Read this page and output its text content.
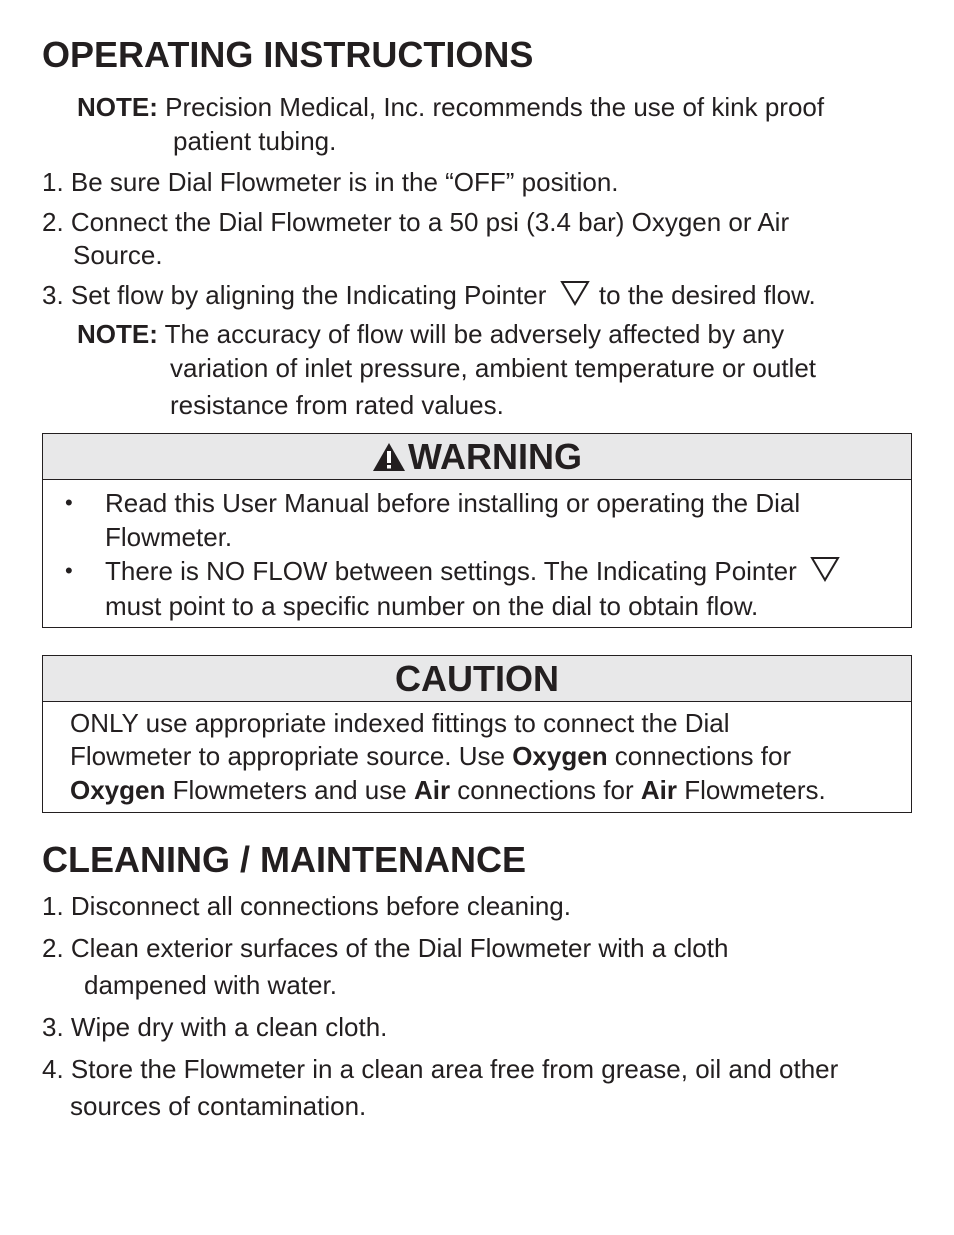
OPERATING INSTRUCTIONS
NOTE: Precision Medical, Inc. recommends the use of kink proof
patient tubing.
1. Be sure Dial Flowmeter is in the “OFF” position.
2. Connect the Dial Flowmeter to a 50 psi (3.4 bar) Oxygen or Air
Source.
3. Set flow by aligning the Indicating Pointer to the desired flow.
NOTE: The accuracy of flow will be adversely affected by any
variation of inlet pressure, ambient temperature or outlet
resistance from rated values.
WARNING
• Read this User Manual before installing or operating the Dial
Flowmeter.
• There is NO FLOW between settings. The Indicating Pointer
must point to a specific number on the dial to obtain flow.
CAUTION
ONLY use appropriate indexed fittings to connect the Dial
Flowmeter to appropriate source. Use Oxygen connections for
Oxygen Flowmeters and use Air connections for Air Flowmeters.
CLEANING / MAINTENANCE
1. Disconnect all connections before cleaning.
2. Clean exterior surfaces of the Dial Flowmeter with a cloth
dampened with water.
3. Wipe dry with a clean cloth.
4. Store the Flowmeter in a clean area free from grease, oil and other
sources of contamination.
